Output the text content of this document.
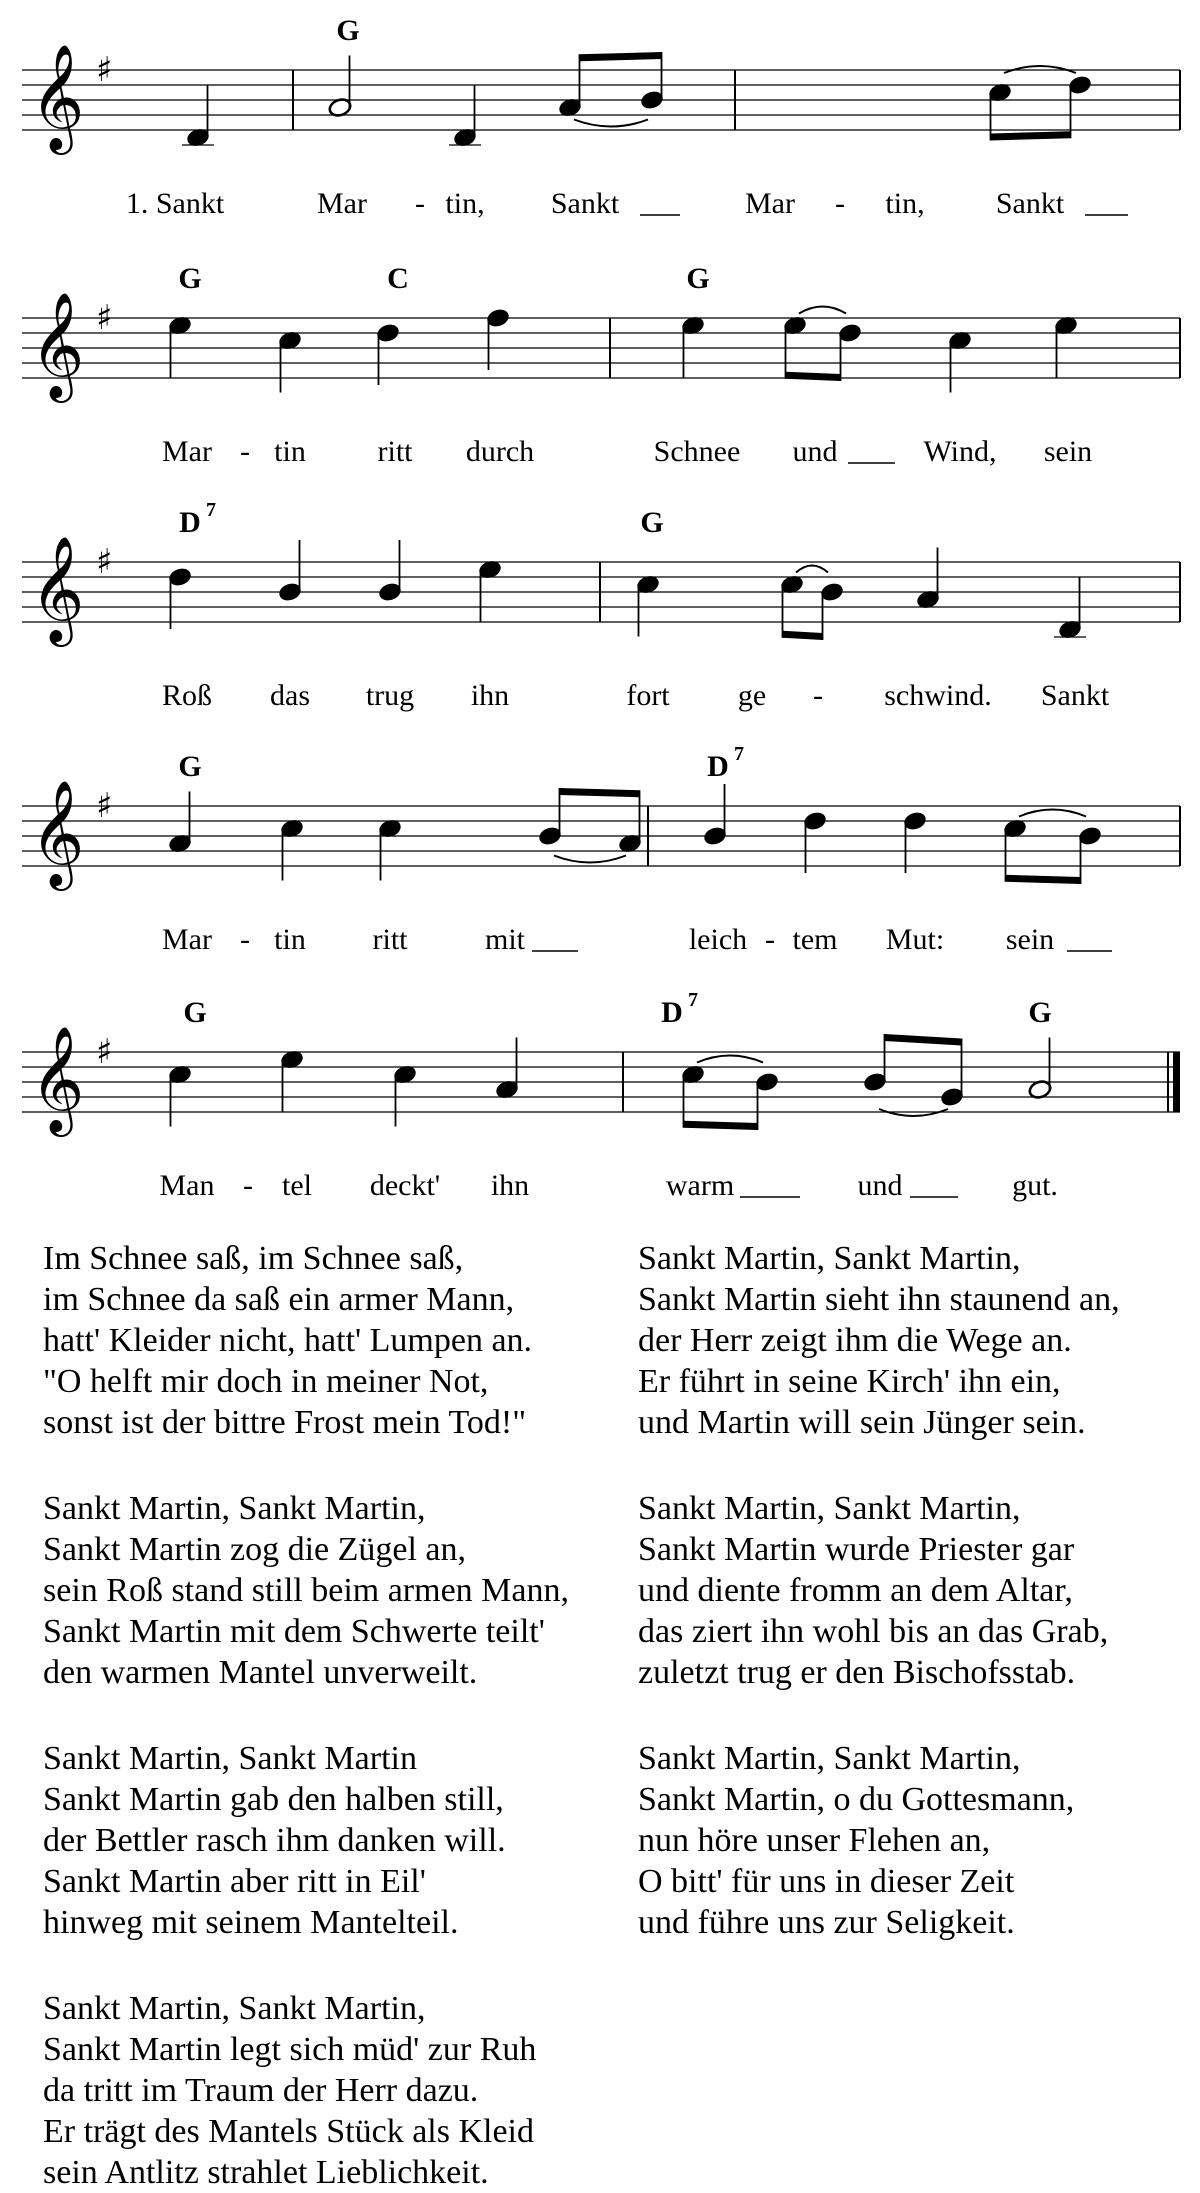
𝄞 ♯
G
1. Sankt	Mar - tin, Sankt	Mar - tin, Sankt
𝄞 ♯
G	C	G
Mar - tin ritt durch	Schnee und	Wind, sein
𝄞 ♯
D 7	G
Roß das trug ihn	fort ge - schwind. Sankt
𝄞 ♯
G	D 7
Mar - tin ritt	mit	leich - tem Mut: sein
𝄞 ♯
G	D 7	G
Man - tel deckt' ihn	warm	und	gut.
Im Schnee saß, im Schnee saß,
im Schnee da saß ein armer Mann,
hatt' Kleider nicht, hatt' Lumpen an.
"O helft mir doch in meiner Not,
sonst ist der bittre Frost mein Tod!"
Sankt Martin, Sankt Martin,
Sankt Martin zog die Zügel an,
sein Roß stand still beim armen Mann,
Sankt Martin mit dem Schwerte teilt'
den warmen Mantel unverweilt.
Sankt Martin, Sankt Martin
Sankt Martin gab den halben still,
der Bettler rasch ihm danken will.
Sankt Martin aber ritt in Eil'
hinweg mit seinem Mantelteil.
Sankt Martin, Sankt Martin,
Sankt Martin legt sich müd' zur Ruh
da tritt im Traum der Herr dazu.
Er trägt des Mantels Stück als Kleid
sein Antlitz strahlet Lieblichkeit.
Sankt Martin, Sankt Martin,
Sankt Martin sieht ihn staunend an,
der Herr zeigt ihm die Wege an.
Er führt in seine Kirch' ihn ein,
und Martin will sein Jünger sein.
Sankt Martin, Sankt Martin,
Sankt Martin wurde Priester gar
und diente fromm an dem Altar,
das ziert ihn wohl bis an das Grab,
zuletzt trug er den Bischofsstab.
Sankt Martin, Sankt Martin,
Sankt Martin, o du Gottesmann,
nun höre unser Flehen an,
O bitt' für uns in dieser Zeit
und führe uns zur Seligkeit.
